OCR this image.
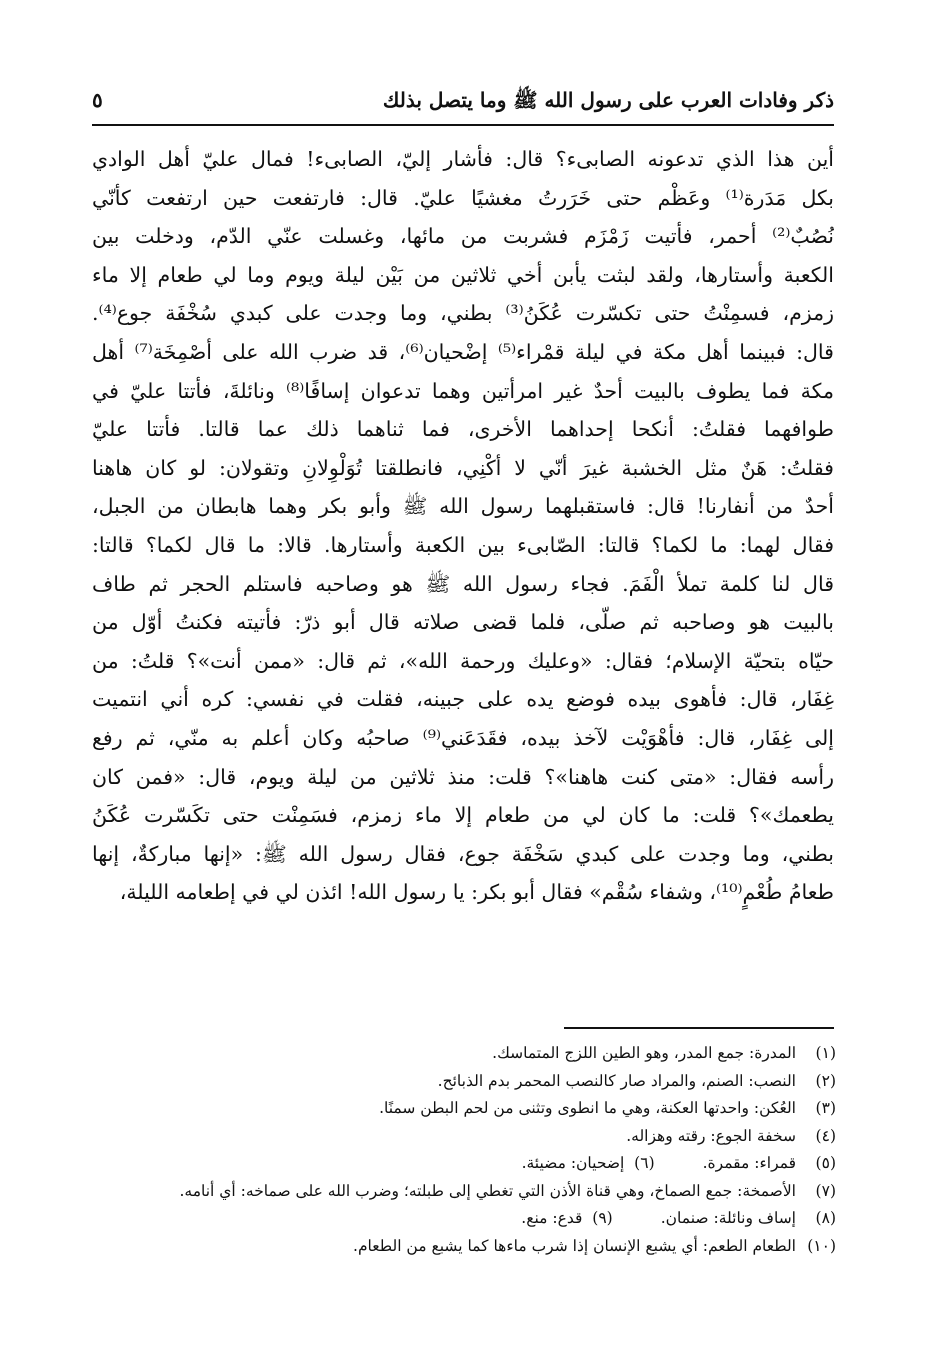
ذكر وفادات العرب على رسول الله ﷺ وما يتصل بذلك
٥
أين هذا الذي تدعونه الصابىء؟ قال: فأشار إليّ، الصابىء! فمال عليّ أهل الوادي
بكل مَدَرة⁽¹⁾ وعَظْم حتى خَرَرتُ مغشيًا عليّ. قال: فارتفعت حين ارتفعت كأنّي
نُصُبٌ⁽²⁾ أحمر، فأتيت زَمْزَم فشربت من مائها، وغسلت عنّي الدّم، ودخلت بين
الكعبة وأستارها، ولقد لبثت يأبن أخي ثلاثين من بَيْن ليلة ويوم وما لي طعام إلا ماء
زمزم، فسمِنْتُ حتى تكسّرت عُكَنُ⁽³⁾ بطني، وما وجدت على كبدي سُخْفَة جوع⁽⁴⁾.
قال: فبينما أهل مكة في ليلة قمْراء⁽⁵⁾ إضْحيان⁽⁶⁾، قد ضرب الله على أصْمِخَة⁽⁷⁾ أهل
مكة فما يطوف بالبيت أحدٌ غير امرأتين وهما تدعوان إسافًا⁽⁸⁾ ونائلةَ، فأتتا عليّ في
طوافهما فقلتُ: أنكحا إحداهما الأخرى، فما ثناهما ذلك عما قالتا. فأتتا عليّ
فقلتُ: هَنٌ مثل الخشبة غيرَ أنّي لا أكْنِي، فانطلقتا تُوَلْوِلانِ وتقولان: لو كان هاهنا
أحدٌ من أنفارنا! قال: فاستقبلهما رسول الله ﷺ وأبو بكر وهما هابطان من الجبل،
فقال لهما: ما لكما؟ قالتا: الصّابىء بين الكعبة وأستارها. قالا: ما قال لكما؟ قالتا:
قال لنا كلمة تملأ الْفَمَ. فجاء رسول الله ﷺ هو وصاحبه فاستلم الحجر ثم طاف
بالبيت هو وصاحبه ثم صلّى، فلما قضى صلاته قال أبو ذرّ: فأتيته فكنتُ أوّل من
حيّاه بتحيّة الإسلام؛ فقال: «وعليك ورحمة الله»، ثم قال: «ممن أنت»؟ قلتُ: من
غِفَار، قال: فأهوى بيده فوضع يده على جبينه، فقلت في نفسي: كره أني انتميت
إلى غِفَار، قال: فأهْوَيْت لآخذ بيده، فقَدَعَني⁽⁹⁾ صاحبُه وكان أعلم به منّي، ثم رفع
رأسه فقال: «متى كنت هاهنا»؟ قلت: منذ ثلاثين من ليلة ويوم، قال: «فمن كان
يطعمك»؟ قلت: ما كان لي من طعام إلا ماء زمزم، فسَمِنْت حتى تكَسّرت عُكَنُ
بطني، وما وجدت على كبدي سَخْفَة جوع، فقال رسول الله ﷺ: «إنها مباركةٌ، إنها
طعامُ طُعْمٍ⁽¹⁰⁾، وشفاء سُقْم» فقال أبو بكر: يا رسول الله! ائذن لي في إطعامه الليلة،
(١)
المدرة: جمع المدر، وهو الطين اللزج المتماسك.
(٢)
النصب: الصنم، والمراد صار كالنصب المحمر بدم الذبائح.
(٣)
العُكن: واحدتها العكنة، وهي ما انطوى وتثنى من لحم البطن سمنًا.
(٤)
سخفة الجوع: رقته وهزاله.
(٥)
قمراء: مقمرة.(٦)  إضحيان: مضيئة.
(٧)
الأصمخة: جمع الصماخ، وهي قناة الأذن التي تغطي إلى طبلته؛ وضرب الله على صماخه: أي أنامه.
(٨)
إساف ونائلة: صنمان.(٩)  قدع: منع.
(١٠)
الطعام الطعم: أي يشبع الإنسان إذا شرب ماءها كما يشبع من الطعام.
